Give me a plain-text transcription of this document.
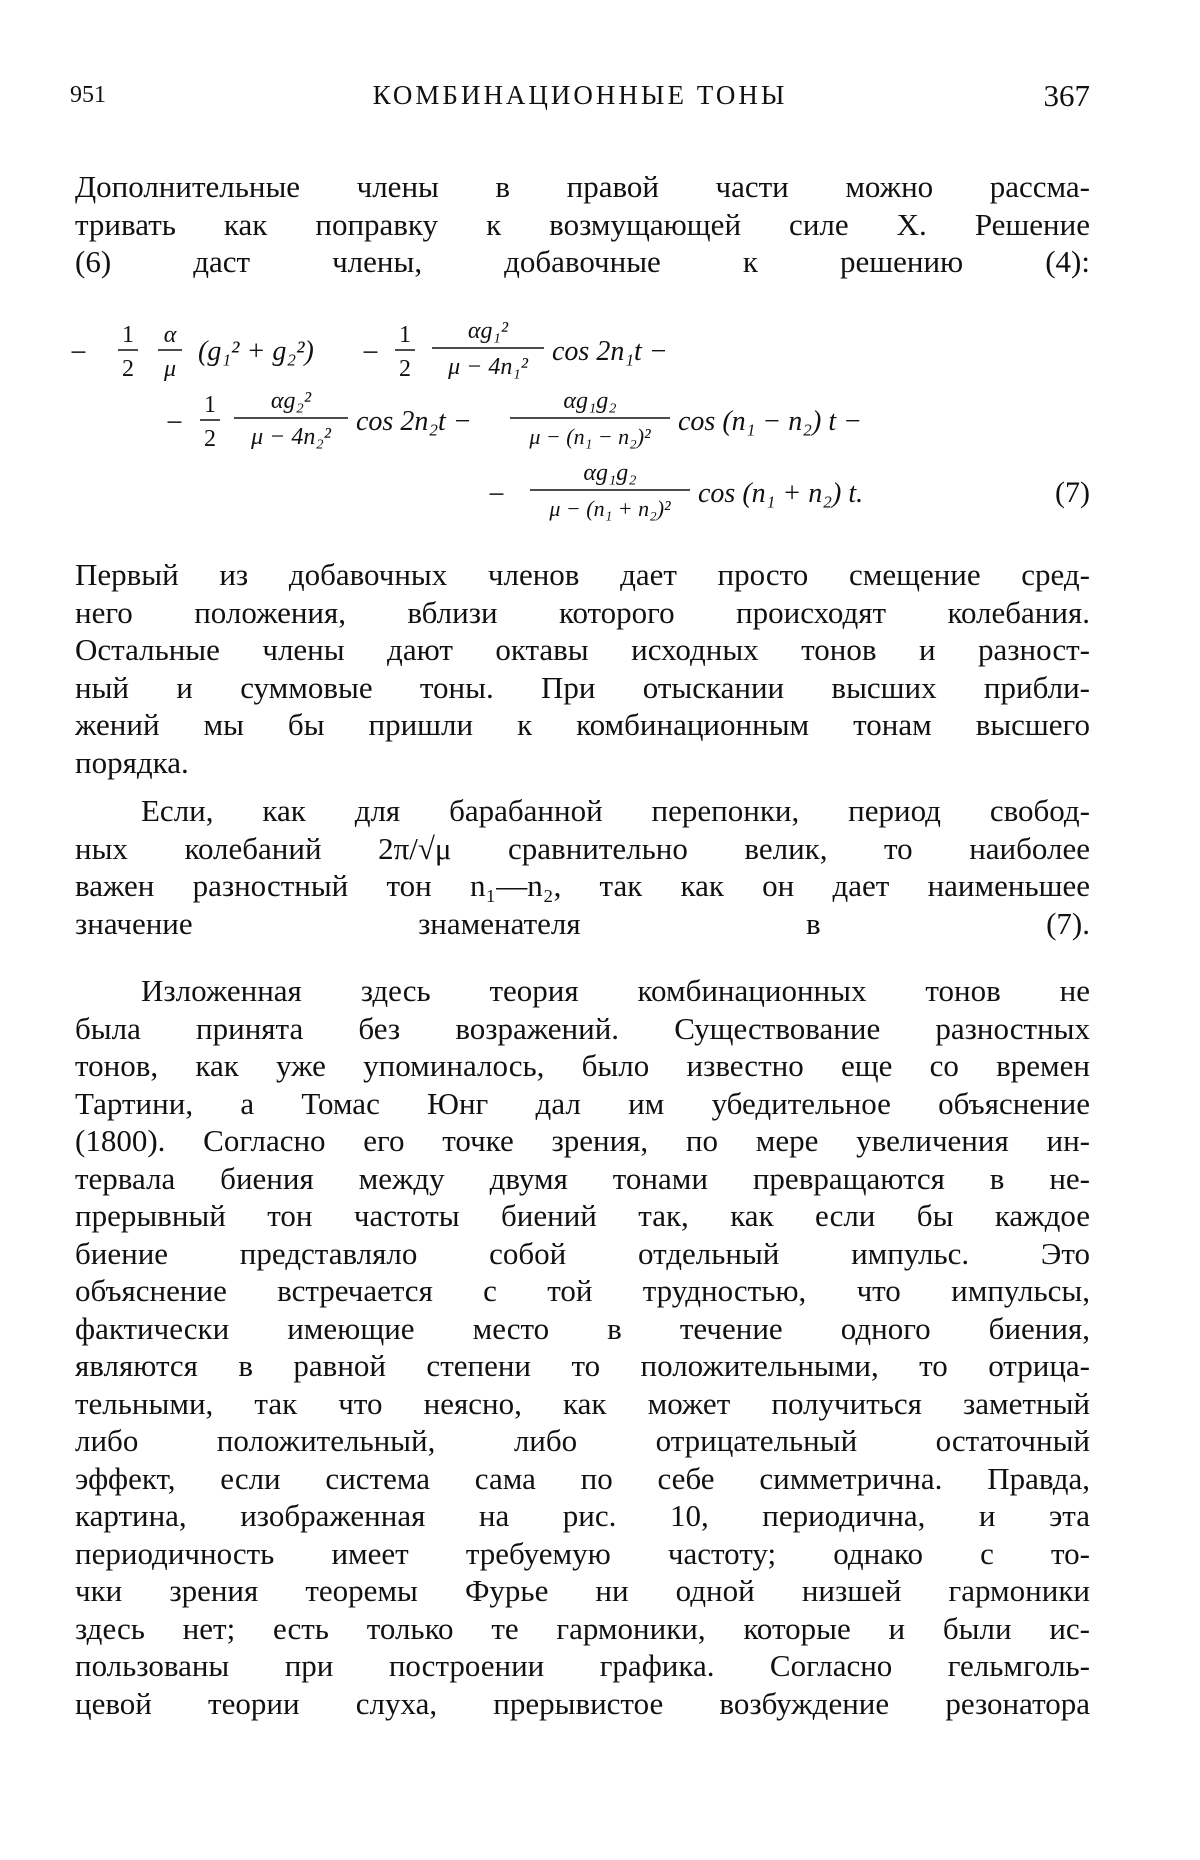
951	КОМБИНАЦИОННЫЕ ТОНЫ	367

Дополнительные члены в правой части можно рассма-
тривать как поправку к возмущающей силе X. Решение
(6) даст члены, добавочные к решению (4):

−
1
2
α
μ
(g₁² + g₂²) −
1
2
αg₁²
μ − 4n₁² cos 2n₁t −
−
1
2
αg₂²
μ − 4n₂² cos 2n₂t −
αg₁g₂
μ − (n₁ − n₂)² cos (n₁ − n₂) t −
−
αg₁g₂
μ − (n₁ + n₂)² cos (n₁ + n₂) t.	(7)

Первый из добавочных членов дает просто смещение сред-
него положения, вблизи которого происходят колебания.
Остальные члены дают октавы исходных тонов и разност-
ный и суммовые тоны. При отыскании высших прибли-
жений мы бы пришли к комбинационным тонам высшего
порядка.

Если, как для барабанной перепонки, период свобод-
ных колебаний 2π/√μ сравнительно велик, то наиболее
важен разностный тон n₁—n₂, так как он дает наименьшее
значение знаменателя в (7).

Изложенная здесь теория комбинационных тонов не
была принята без возражений. Существование разностных
тонов, как уже упоминалось, было известно еще со времен
Тартини, а Томас Юнг дал им убедительное объяснение
(1800). Согласно его точке зрения, по мере увеличения ин-
тервала биения между двумя тонами превращаются в не-
прерывный тон частоты биений так, как если бы каждое
биение представляло собой отдельный импульс. Это
объяснение встречается с той трудностью, что импульсы,
фактически имеющие место в течение одного биения,
являются в равной степени то положительными, то отрица-
тельными, так что неясно, как может получиться заметный
либо положительный, либо отрицательный остаточный
эффект, если система сама по себе симметрична. Правда,
картина, изображенная на рис. 10, периодична, и эта
периодичность имеет требуемую частоту; однако с то-
чки зрения теоремы Фурье ни одной низшей гармоники
здесь нет; есть только те гармоники, которые и были ис-
пользованы при построении графика. Согласно гельмголь-
цевой теории слуха, прерывистое возбуждение резонатора
